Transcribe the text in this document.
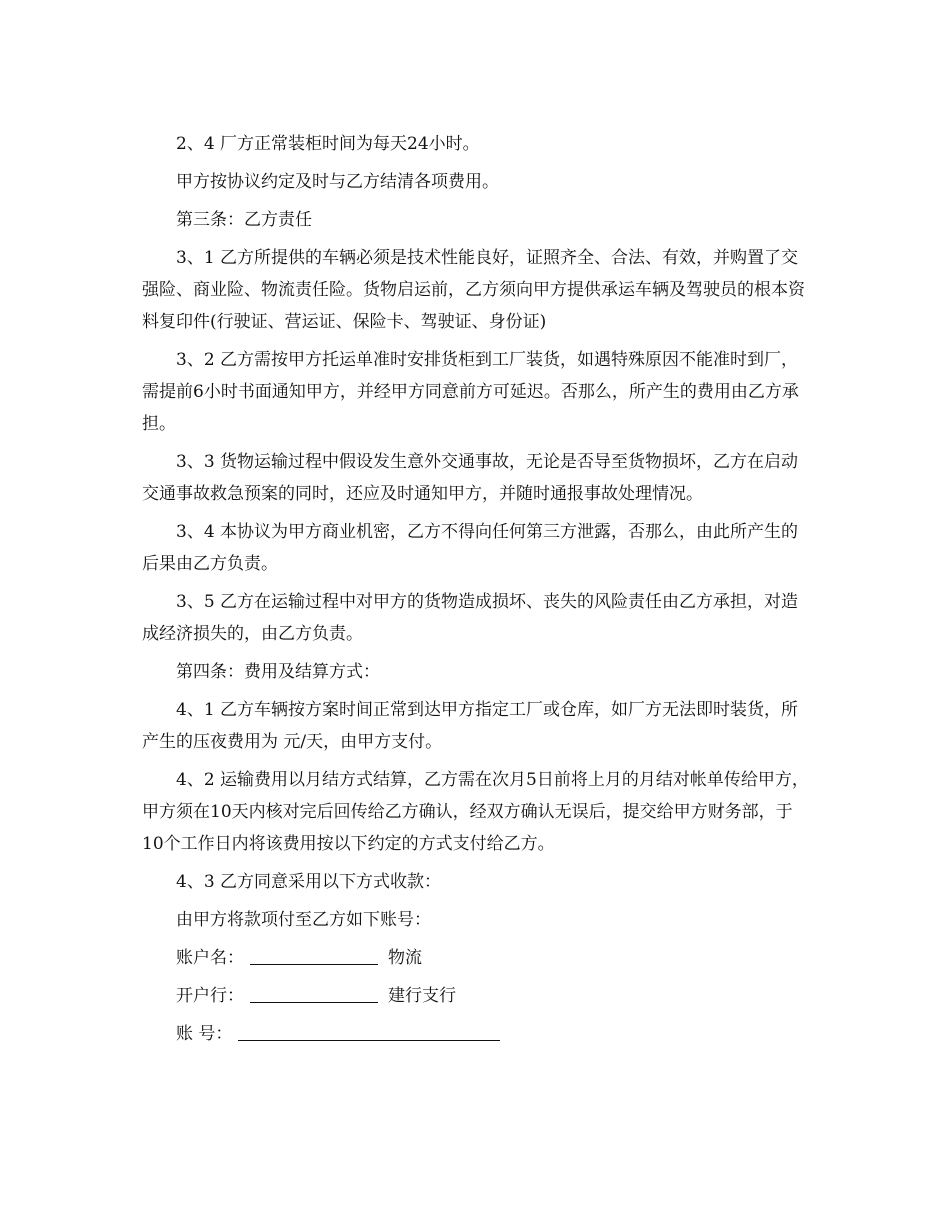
2、4 厂方正常装柜时间为每天24小时。

甲方按协议约定及时与乙方结清各项费用。

第三条：乙方责任

3、1 乙方所提供的车辆必须是技术性能良好，证照齐全、合法、有效，并购置了交强险、商业险、物流责任险。货物启运前，乙方须向甲方提供承运车辆及驾驶员的根本资料复印件(行驶证、营运证、保险卡、驾驶证、身份证)

3、2 乙方需按甲方托运单准时安排货柜到工厂装货，如遇特殊原因不能准时到厂，需提前6小时书面通知甲方，并经甲方同意前方可延迟。否那么，所产生的费用由乙方承担。

3、3 货物运输过程中假设发生意外交通事故，无论是否导至货物损坏，乙方在启动交通事故救急预案的同时，还应及时通知甲方，并随时通报事故处理情况。

3、4 本协议为甲方商业机密，乙方不得向任何第三方泄露，否那么，由此所产生的后果由乙方负责。

3、5 乙方在运输过程中对甲方的货物造成损坏、丧失的风险责任由乙方承担，对造成经济损失的，由乙方负责。

第四条：费用及结算方式：

4、1 乙方车辆按方案时间正常到达甲方指定工厂或仓库，如厂方无法即时装货，所产生的压夜费用为 元/天，由甲方支付。

4、2 运输费用以月结方式结算，乙方需在次月5日前将上月的月结对帐单传给甲方，甲方须在10天内核对完后回传给乙方确认，经双方确认无误后，提交给甲方财务部，于10个工作日内将该费用按以下约定的方式支付给乙方。

4、3 乙方同意采用以下方式收款：

由甲方将款项付至乙方如下账号：

账户名：	物流
开户行：	建行支行
账 号：
